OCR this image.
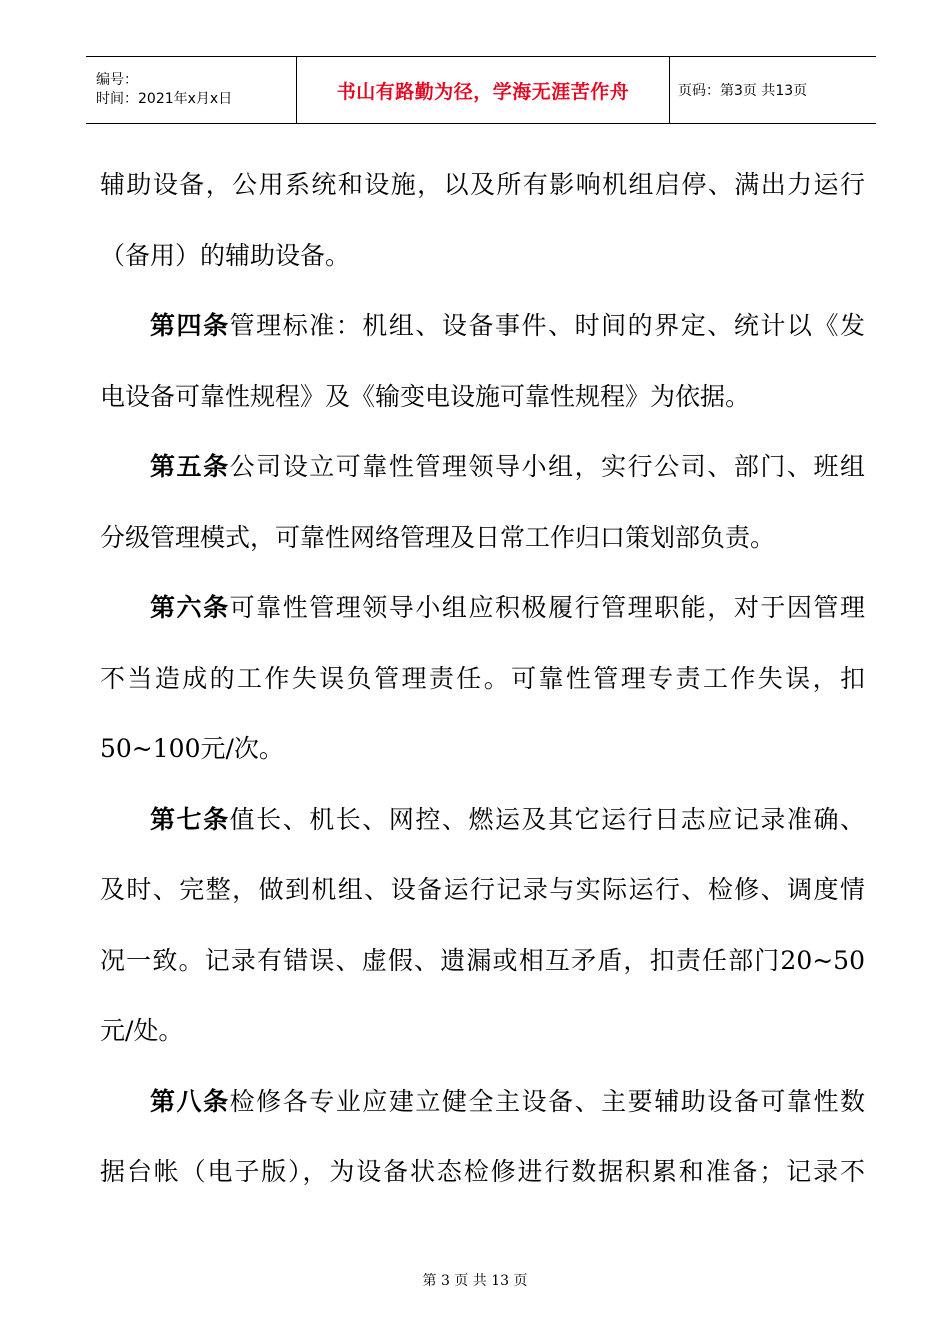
编号：
时间：2021年x月x日	书山有路勤为径，学海无涯苦作舟	页码：第3页 共13页
辅助设备，公用系统和设施，以及所有影响机组启停、满出力运行
（备用）的辅助设备。
第四条管理标准：机组、设备事件、时间的界定、统计以《发
电设备可靠性规程》及《输变电设施可靠性规程》为依据。
第五条公司设立可靠性管理领导小组，实行公司、部门、班组
分级管理模式，可靠性网络管理及日常工作归口策划部负责。
第六条可靠性管理领导小组应积极履行管理职能，对于因管理
不当造成的工作失误负管理责任。可靠性管理专责工作失误，扣
50~100元/次。
第七条值长、机长、网控、燃运及其它运行日志应记录准确、
及时、完整，做到机组、设备运行记录与实际运行、检修、调度情
况一致。记录有错误、虚假、遗漏或相互矛盾，扣责任部门20~50
元/处。
第八条检修各专业应建立健全主设备、主要辅助设备可靠性数
据台帐（电子版），为设备状态检修进行数据积累和准备；记录不
第 3 页 共 13 页
